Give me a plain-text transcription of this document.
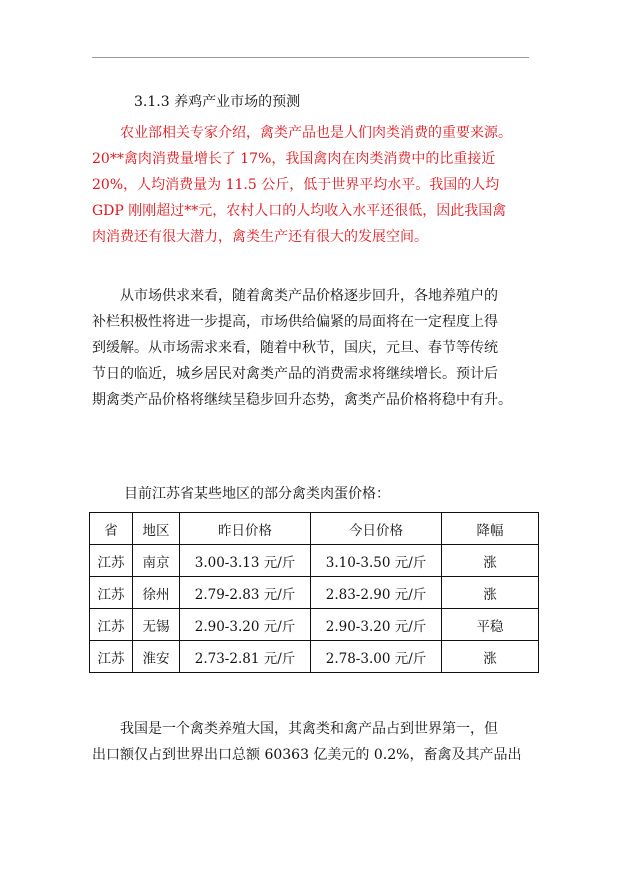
3.1.3 养鸡产业市场的预测
　　农业部相关专家介绍，禽类产品也是人们肉类消费的重要来源。
20**禽肉消费量增长了 17%，我国禽肉在肉类消费中的比重接近
20%，人均消费量为 11.5 公斤，低于世界平均水平。我国的人均
GDP 刚刚超过**元，农村人口的人均收入水平还很低，因此我国禽
肉消费还有很大潜力，禽类生产还有很大的发展空间。
　　从市场供求来看，随着禽类产品价格逐步回升，各地养殖户的
补栏积极性将进一步提高，市场供给偏紧的局面将在一定程度上得
到缓解。从市场需求来看，随着中秋节，国庆，元旦、春节等传统
节日的临近，城乡居民对禽类产品的消费需求将继续增长。预计后
期禽类产品价格将继续呈稳步回升态势，禽类产品价格将稳中有升。
目前江苏省某些地区的部分禽类肉蛋价格：
省	地区	昨日价格	今日价格	降幅
江苏	南京	3.00-3.13 元/斤	3.10-3.50 元/斤	涨
江苏	徐州	2.79-2.83 元/斤	2.83-2.90 元/斤	涨
江苏	无锡	2.90-3.20 元/斤	2.90-3.20 元/斤	平稳
江苏	淮安	2.73-2.81 元/斤	2.78-3.00 元/斤	涨
　　我国是一个禽类养殖大国，其禽类和禽产品占到世界第一，但
出口额仅占到世界出口总额 60363 亿美元的 0.2%，畜禽及其产品出
